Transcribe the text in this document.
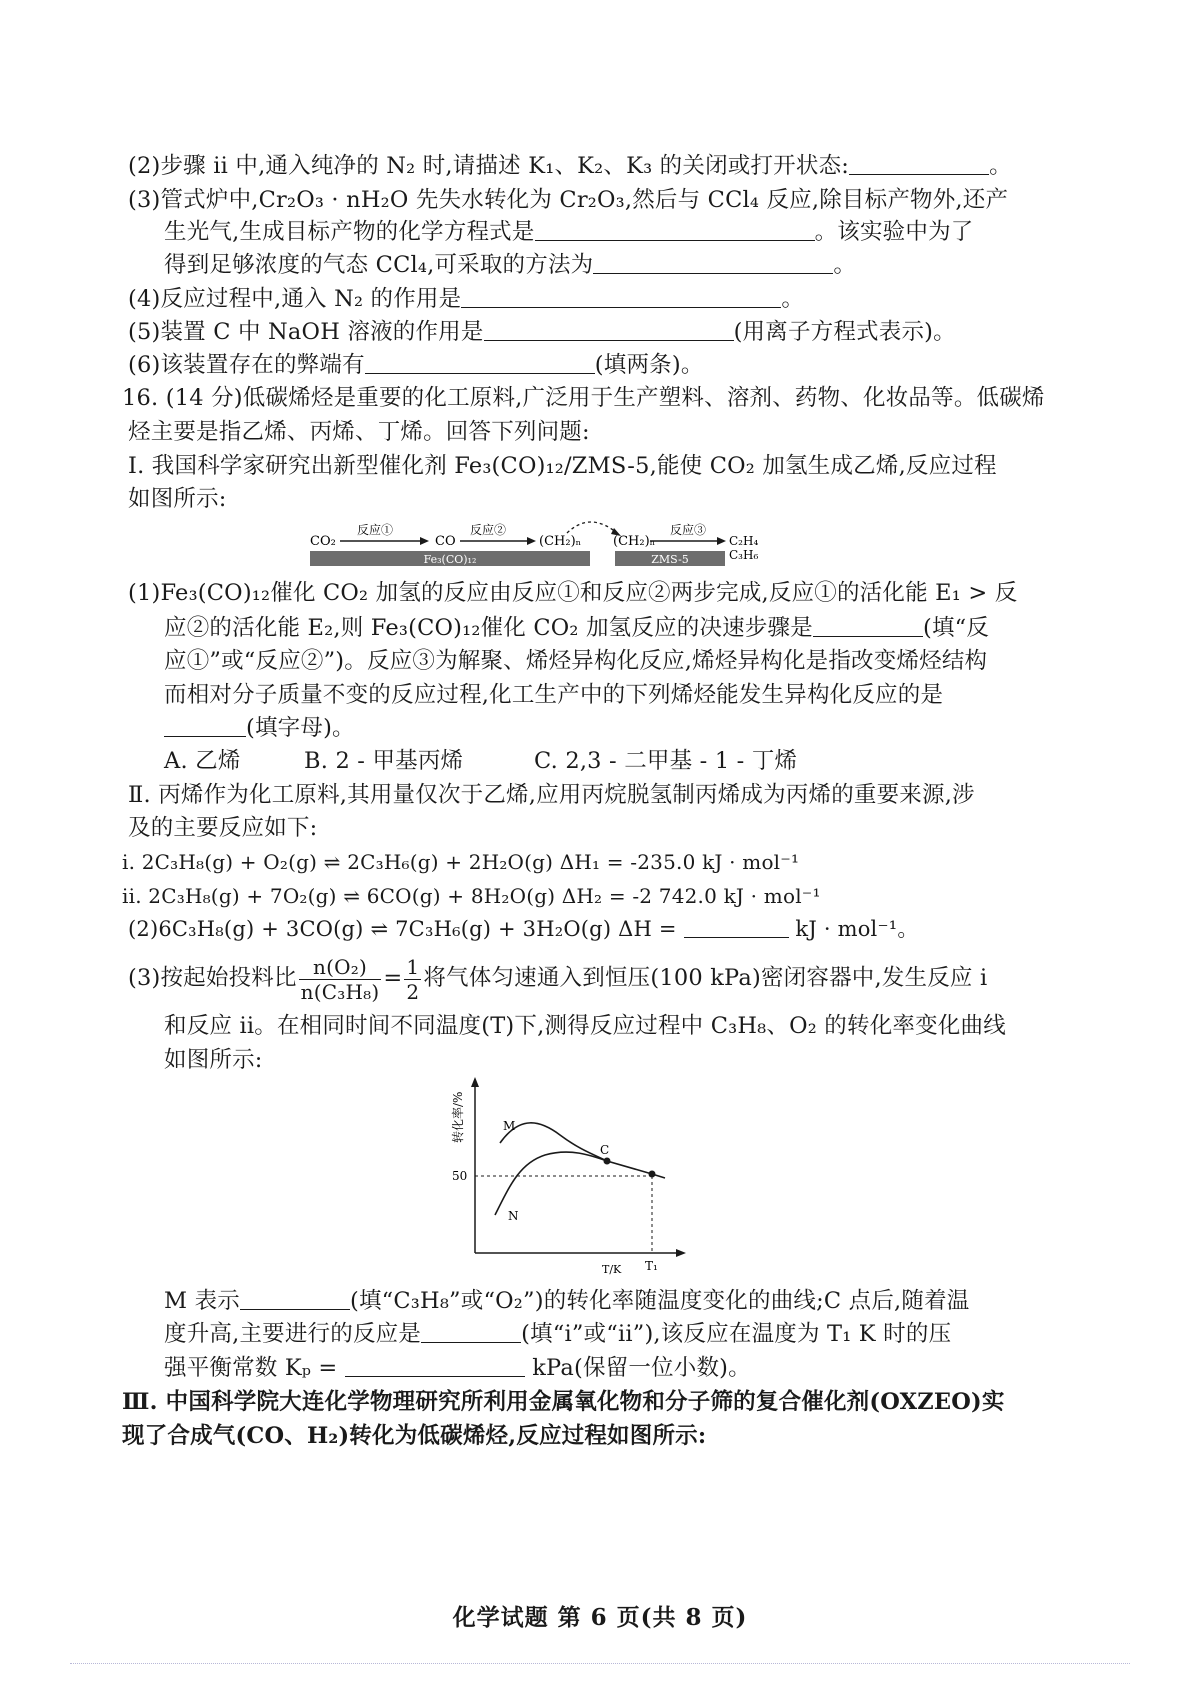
(2)步骤 ii 中,通入纯净的 N₂ 时,请描述 K₁、K₂、K₃ 的关闭或打开状态:	。
(3)管式炉中,Cr₂O₃ · nH₂O 先失水转化为 Cr₂O₃,然后与 CCl₄ 反应,除目标产物外,还产
生光气,生成目标产物的化学方程式是	。该实验中为了
得到足够浓度的气态 CCl₄,可采取的方法为	。
(4)反应过程中,通入 N₂ 的作用是	。
(5)装置 C 中 NaOH 溶液的作用是	(用离子方程式表示)。
(6)该装置存在的弊端有	(填两条)。
16. (14 分)低碳烯烃是重要的化工原料,广泛用于生产塑料、溶剂、药物、化妆品等。低碳烯
烃主要是指乙烯、丙烯、丁烯。回答下列问题:
Ⅰ. 我国科学家研究出新型催化剂 Fe₃(CO)₁₂/ZMS-5,能使 CO₂ 加氢生成乙烯,反应过程
如图所示:
CO₂
反应①
CO
反应②
(CH₂)ₙ (CH₂)ₙ
反应③
C₂H₄
C₃H₆
Fe₃(CO)₁₂	ZMS-5
(1)Fe₃(CO)₁₂催化 CO₂ 加氢的反应由反应①和反应②两步完成,反应①的活化能 E₁ > 反
应②的活化能 E₂,则 Fe₃(CO)₁₂催化 CO₂ 加氢反应的决速步骤是	(填“反
应①”或“反应②”)。反应③为解聚、烯烃异构化反应,烯烃异构化是指改变烯烃结构
而相对分子质量不变的反应过程,化工生产中的下列烯烃能发生异构化反应的是
(填字母)。
A. 乙烯	B. 2 - 甲基丙烯	C. 2,3 - 二甲基 - 1 - 丁烯
Ⅱ. 丙烯作为化工原料,其用量仅次于乙烯,应用丙烷脱氢制丙烯成为丙烯的重要来源,涉
及的主要反应如下:
i. 2C₃H₈(g) + O₂(g) ⇌ 2C₃H₆(g) + 2H₂O(g) ΔH₁ = -235.0 kJ · mol⁻¹
ii. 2C₃H₈(g) + 7O₂(g) ⇌ 6CO(g) + 8H₂O(g) ΔH₂ = -2 742.0 kJ · mol⁻¹
(2)6C₃H₈(g) + 3CO(g) ⇌ 7C₃H₆(g) + 3H₂O(g) ΔH =	kJ · mol⁻¹。
(3)按起始投料比 $\frac{\text{n(O₂)}}{\text{n(C₃H₈)}} = \frac{1}{2}$ 将气体匀速通入到恒压(100 kPa)密闭容器中,发生反应 i
和反应 ii。在相同时间不同温度(T)下,测得反应过程中 C₃H₈、O₂ 的转化率变化曲线
如图所示:
转化率/%
50
M
N
C
T/K T₁
M 表示	(填“C₃H₈”或“O₂”)的转化率随温度变化的曲线;C 点后,随着温
度升高,主要进行的反应是	(填“i”或“ii”),该反应在温度为 T₁ K 时的压
强平衡常数 Kₚ =	kPa(保留一位小数)。
Ⅲ. 中国科学院大连化学物理研究所利用金属氧化物和分子筛的复合催化剂(OXZEO)实
现了合成气(CO、H₂)转化为低碳烯烃,反应过程如图所示:
化学试题 第 6 页(共 8 页)
